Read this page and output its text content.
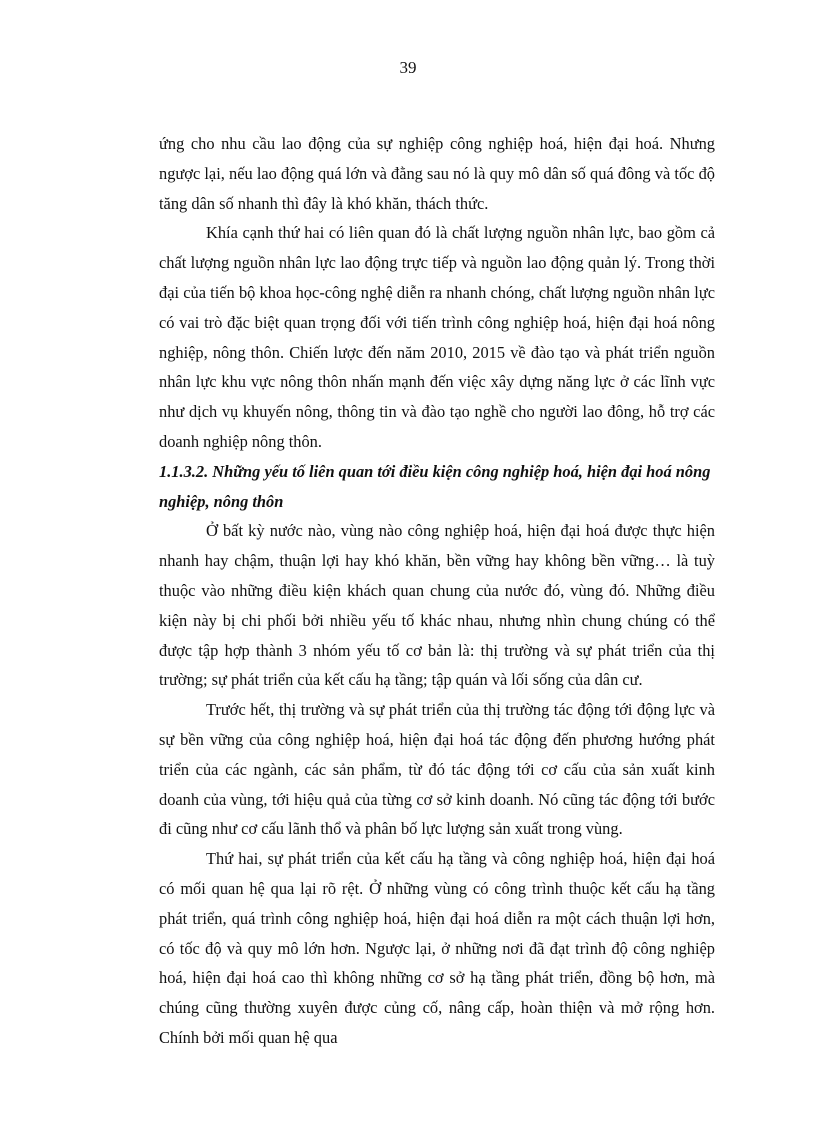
39

ứng cho nhu cầu lao động của sự nghiệp công nghiệp hoá, hiện đại hoá. Nhưng ngược lại, nếu lao động quá lớn và đằng sau nó là quy mô dân số quá đông và tốc độ tăng dân số nhanh thì đây là khó khăn, thách thức.

Khía cạnh thứ hai có liên quan đó là chất lượng nguồn nhân lực, bao gồm cả chất lượng nguồn nhân lực lao động trực tiếp và nguồn lao động quản lý. Trong thời đại của tiến bộ khoa học-công nghệ diễn ra nhanh chóng, chất lượng nguồn nhân lực có vai trò đặc biệt quan trọng đối với tiến trình công nghiệp hoá, hiện đại hoá nông nghiệp, nông thôn. Chiến lược đến năm 2010, 2015 về đào tạo và phát triển nguồn nhân lực khu vực nông thôn nhấn mạnh đến việc xây dựng năng lực ở các lĩnh vực như dịch vụ khuyến nông, thông tin và đào tạo nghề cho người lao đông, hỗ trợ các doanh nghiệp nông thôn.

1.1.3.2. Những yếu tố liên quan tới điều kiện công nghiệp hoá, hiện đại hoá nông nghiệp, nông thôn

Ở bất kỳ nước nào, vùng nào công nghiệp hoá, hiện đại hoá được thực hiện nhanh hay chậm, thuận lợi hay khó khăn, bền vững hay không bền vững… là tuỳ thuộc vào những điều kiện khách quan chung của nước đó, vùng đó. Những điều kiện này bị chi phối bởi nhiều yếu tố khác nhau, nhưng nhìn chung chúng có thể được tập hợp thành 3 nhóm yếu tố cơ bản là: thị trường và sự phát triển của thị trường; sự phát triển của kết cấu hạ tầng; tập quán và lối sống của dân cư.

Trước hết, thị trường và sự phát triển của thị trường tác động tới động lực và sự bền vững của công nghiệp hoá, hiện đại hoá tác động đến phương hướng phát triển của các ngành, các sản phẩm, từ đó tác động tới cơ cấu của sản xuất kinh doanh của vùng, tới hiệu quả của từng cơ sở kinh doanh. Nó cũng tác động tới bước đi cũng như cơ cấu lãnh thổ và phân bố lực lượng sản xuất trong vùng.

Thứ hai, sự phát triển của kết cấu hạ tầng và công nghiệp hoá, hiện đại hoá có mối quan hệ qua lại rõ rệt. Ở những vùng có công trình thuộc kết cấu hạ tầng phát triển, quá trình công nghiệp hoá, hiện đại hoá diễn ra một cách thuận lợi hơn, có tốc độ và quy mô lớn hơn. Ngược lại, ở những nơi đã đạt trình độ công nghiệp hoá, hiện đại hoá cao thì không những cơ sở hạ tầng phát triển, đồng bộ hơn, mà chúng cũng thường xuyên được củng cố, nâng cấp, hoàn thiện và mở rộng hơn. Chính bởi mối quan hệ qua
